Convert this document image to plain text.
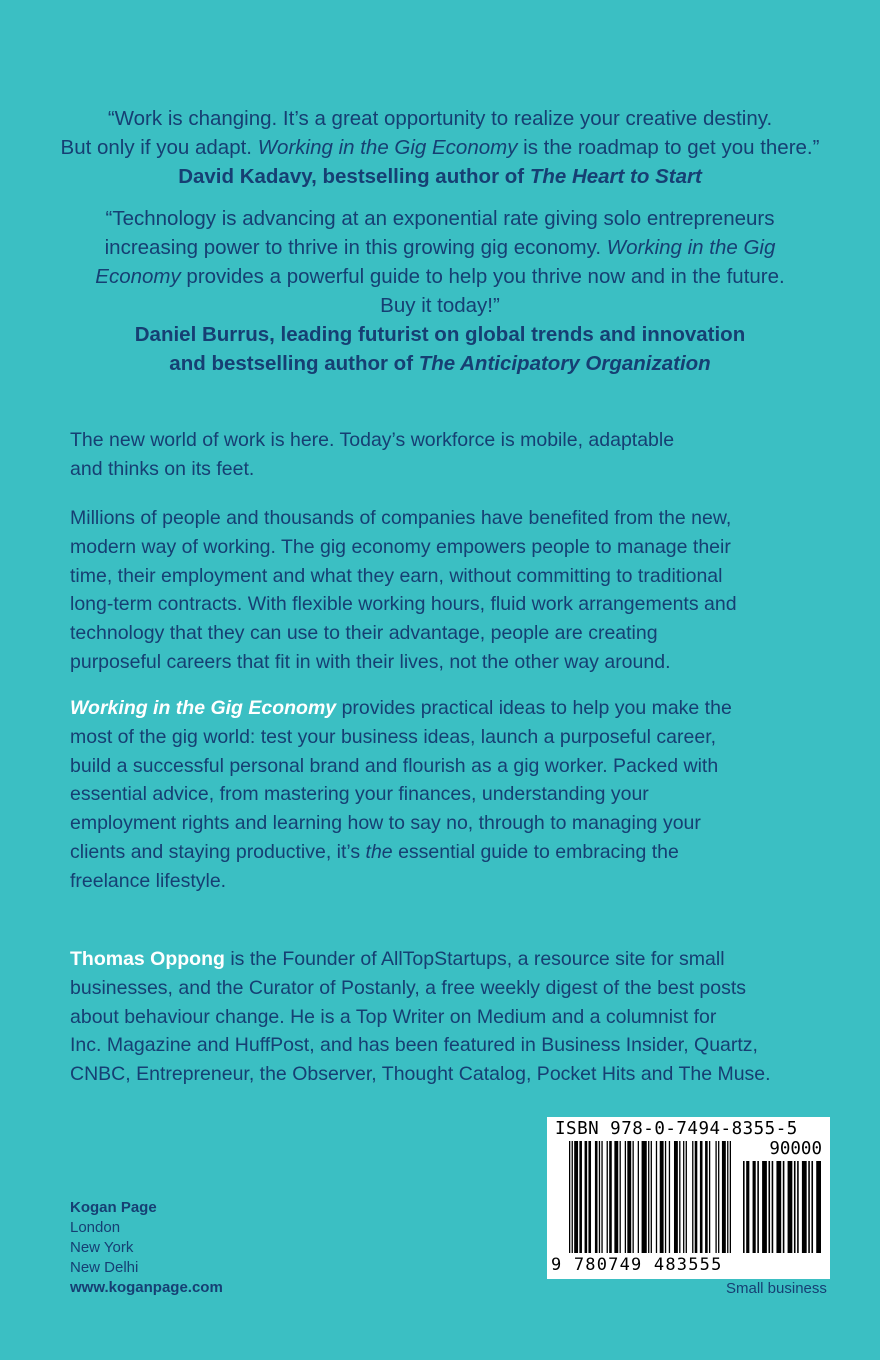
“Work is changing. It’s a great opportunity to realize your creative destiny.

But only if you adapt. Working in the Gig Economy is the roadmap to get you there.”

David Kadavy, bestselling author of The Heart to Start

“Technology is advancing at an exponential rate giving solo entrepreneurs

increasing power to thrive in this growing gig economy. Working in the Gig

Economy provides a powerful guide to help you thrive now and in the future.

Buy it today!”

Daniel Burrus, leading futurist on global trends and innovation

and bestselling author of The Anticipatory Organization

The new world of work is here. Today’s workforce is mobile, adaptable

and thinks on its feet.

Millions of people and thousands of companies have benefited from the new,

modern way of working. The gig economy empowers people to manage their

time, their employment and what they earn, without committing to traditional

long-term contracts. With flexible working hours, fluid work arrangements and

technology that they can use to their advantage, people are creating

purposeful careers that fit in with their lives, not the other way around.

Working in the Gig Economy provides practical ideas to help you make the

most of the gig world: test your business ideas, launch a purposeful career,

build a successful personal brand and flourish as a gig worker. Packed with

essential advice, from mastering your finances, understanding your

employment rights and learning how to say no, through to managing your

clients and staying productive, it’s the essential guide to embracing the

freelance lifestyle.

Thomas Oppong is the Founder of AllTopStartups, a resource site for small

businesses, and the Curator of Postanly, a free weekly digest of the best posts

about behaviour change. He is a Top Writer on Medium and a columnist for

Inc. Magazine and HuffPost, and has been featured in Business Insider, Quartz,

CNBC, Entrepreneur, the Observer, Thought Catalog, Pocket Hits and The Muse.

Kogan Page
London
New York
New Delhi
www.koganpage.com
ISBN 978-0-7494-8355-5
90000
9 780749 483555
Small business
